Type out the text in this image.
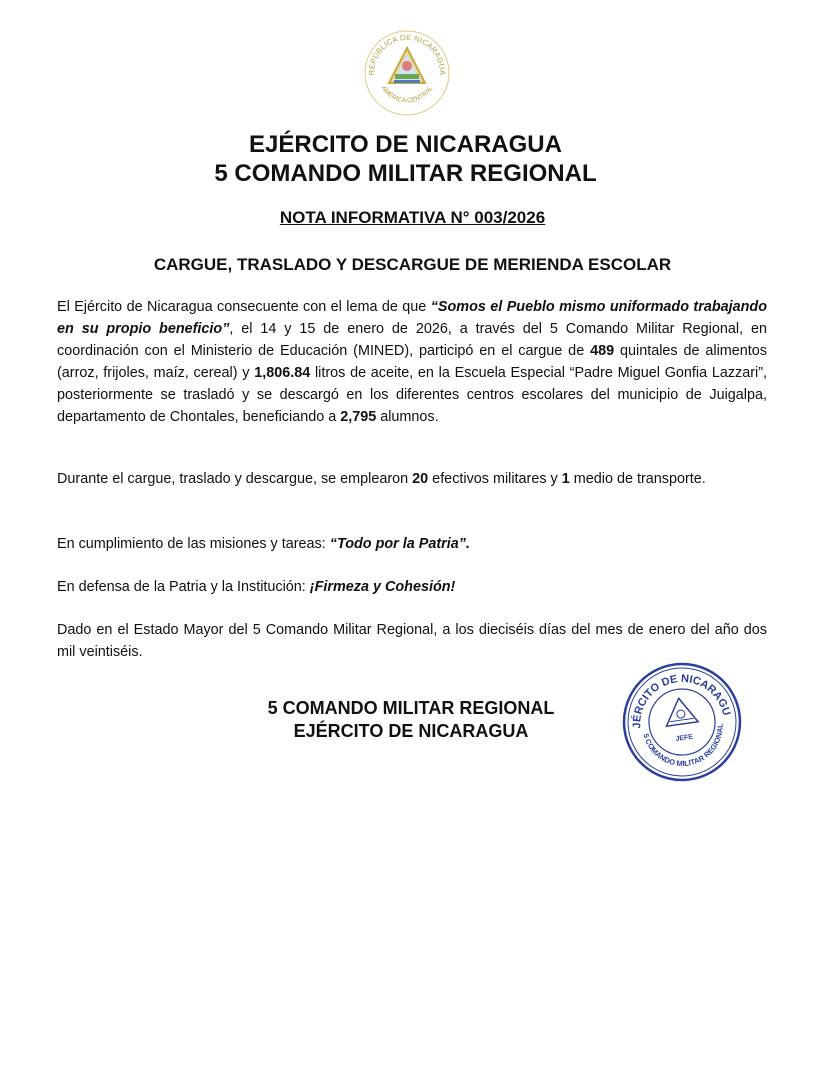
REPÚBLICA DE NICARAGUA
AMÉRICA CENTRAL
EJÉRCITO DE NICARAGUA
5 COMANDO MILITAR REGIONAL
NOTA INFORMATIVA N° 003/2026
CARGUE, TRASLADO Y DESCARGUE DE MERIENDA ESCOLAR

El Ejército de Nicaragua consecuente con el lema de que “Somos el Pueblo mismo uniformado trabajando en su propio beneficio”, el 14 y 15 de enero de 2026, a través del 5 Comando Militar Regional, en coordinación con el Ministerio de Educación (MINED), participó en el cargue de 489 quintales de alimentos (arroz, frijoles, maíz, cereal) y 1,806.84 litros de aceite, en la Escuela Especial “Padre Miguel Gonfia Lazzari”, posteriormente se trasladó y se descargó en los diferentes centros escolares del municipio de Juigalpa, departamento de Chontales, beneficiando a 2,795 alumnos.

Durante el cargue, traslado y descargue, se emplearon 20 efectivos militares y 1 medio de transporte.

En cumplimiento de las misiones y tareas: “Todo por la Patria”.

En defensa de la Patria y la Institución: ¡Firmeza y Cohesión!

Dado en el Estado Mayor del 5 Comando Militar Regional, a los dieciséis días del mes de enero del año dos mil veintiséis.

5 COMANDO MILITAR REGIONAL

EJÉRCITO DE NICARAGUA

EJÉRCITO DE NICARAGUA
5 COMANDO MILITAR REGIONAL
JEFE
